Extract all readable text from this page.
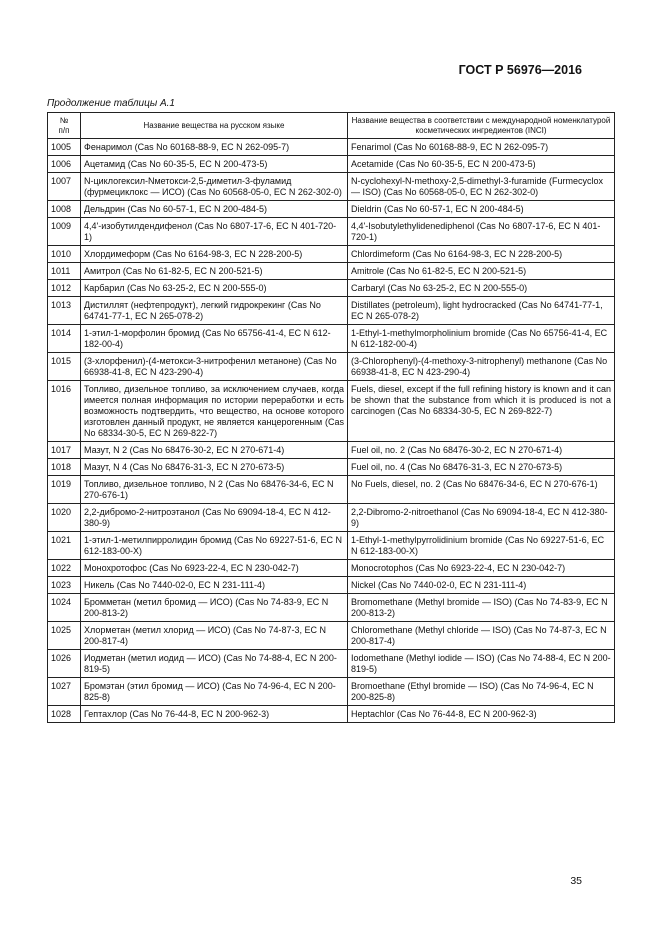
ГОСТ Р 56976—2016
Продолжение таблицы А.1
№
п/п	Название вещества на русском языке	Название вещества в соответствии с международной номенклатурой косметических ингредиентов (INCI)
1005	Фенаримол (Cas No 60168-88-9, EC N 262-095-7)	Fenarimol (Cas No 60168-88-9, EC N 262-095-7)
1006	Ацетамид (Cas No 60-35-5, EC N 200-473-5)	Acetamide (Cas No 60-35-5, EC N 200-473-5)
1007	N-циклогексил-Nметокси-2,5-диметил-3-фуламид (фурмециклокс — ИСО) (Cas No 60568-05-0, EC N 262-302-0)	N-cyclohexyl-N-methoxy-2,5-dimethyl-3-furamide (Furmecyclox — ISO) (Cas No 60568-05-0, EC N 262-302-0)
1008	Дельдрин (Cas No 60-57-1, EC N 200-484-5)	Dieldrin (Cas No 60-57-1, EC N 200-484-5)
1009	4,4'-изобутилдендифенол (Cas No 6807-17-6, EC N 401-720-1)	4,4'-Isobutylethylidenediphenol (Cas No 6807-17-6, EC N 401-720-1)
1010	Хлордимеформ (Cas No 6164-98-3, EC N 228-200-5)	Chlordimeform (Cas No 6164-98-3, EC N 228-200-5)
1011	Амитрол (Cas No 61-82-5, EC N 200-521-5)	Amitrole (Cas No 61-82-5, EC N 200-521-5)
1012	Карбарил (Cas No 63-25-2, EC N 200-555-0)	Carbaryl (Cas No 63-25-2, EC N 200-555-0)
1013	Дистиллят (нефтепродукт), легкий гидрокрекинг (Cas No 64741-77-1, EC N 265-078-2)	Distillates (petroleum), light hydrocracked (Cas No 64741-77-1, EC N 265-078-2)
1014	1-этил-1-морфолин бромид (Cas No 65756-41-4, EC N 612-182-00-4)	1-Ethyl-1-methylmorpholinium bromide (Cas No 65756-41-4, EC N 612-182-00-4)
1015	(3-хлорфенил)-(4-метокси-3-нитрофенил метаноне) (Cas No 66938-41-8, EC N 423-290-4)	(3-Chlorophenyl)-(4-methoxy-3-nitrophenyl) methanone (Cas No 66938-41-8, EC N 423-290-4)
1016	Топливо, дизельное топливо, за исключением случаев, когда имеется полная информация по истории переработки и есть возможность подтвердить, что вещество, на основе которого изготовлен данный продукт, не является канцерогенным (Cas No 68334-30-5, EC N 269-822-7)	Fuels, diesel, except if the full refining history is known and it can be shown that the substance from which it is produced is not a carcinogen (Cas No 68334-30-5, EC N 269-822-7)
1017	Мазут, N 2 (Cas No 68476-30-2, EC N 270-671-4)	Fuel oil, no. 2 (Cas No 68476-30-2, EC N 270-671-4)
1018	Мазут, N 4 (Cas No 68476-31-3, EC N 270-673-5)	Fuel oil, no. 4 (Cas No 68476-31-3, EC N 270-673-5)
1019	Топливо, дизельное топливо, N 2 (Cas No 68476-34-6, EC N 270-676-1)	No Fuels, diesel, no. 2 (Cas No 68476-34-6, EC N 270-676-1)
1020	2,2-дибромо-2-нитроэтанол (Cas No 69094-18-4, EC N 412-380-9)	2,2-Dibromo-2-nitroethanol (Cas No 69094-18-4, EC N 412-380-9)
1021	1-этил-1-метилпирролидин бромид (Cas No 69227-51-6, EC N 612-183-00-X)	1-Ethyl-1-methylpyrrolidinium bromide (Cas No 69227-51-6, EC N 612-183-00-X)
1022	Монохротофос (Cas No 6923-22-4, EC N 230-042-7)	Monocrotophos (Cas No 6923-22-4, EC N 230-042-7)
1023	Никель (Cas No 7440-02-0, EC N 231-111-4)	Nickel (Cas No 7440-02-0, EC N 231-111-4)
1024	Бромметан (метил бромид — ИСО) (Cas No 74-83-9, EC N 200-813-2)	Bromomethane (Methyl bromide — ISO) (Cas No 74-83-9, EC N 200-813-2)
1025	Хлорметан (метил хлорид — ИСО) (Cas No 74-87-3, EC N 200-817-4)	Chloromethane (Methyl chloride — ISO) (Cas No 74-87-3, EC N 200-817-4)
1026	Иодметан (метил иодид — ИСО) (Cas No 74-88-4, EC N 200-819-5)	Iodomethane (Methyl iodide — ISO) (Cas No 74-88-4, EC N 200-819-5)
1027	Бромэтан (этил бромид — ИСО) (Cas No 74-96-4, EC N 200-825-8)	Bromoethane (Ethyl bromide — ISO) (Cas No 74-96-4, EC N 200-825-8)
1028	Гептахлор (Cas No 76-44-8, EC N 200-962-3)	Heptachlor (Cas No 76-44-8, EC N 200-962-3)
35
